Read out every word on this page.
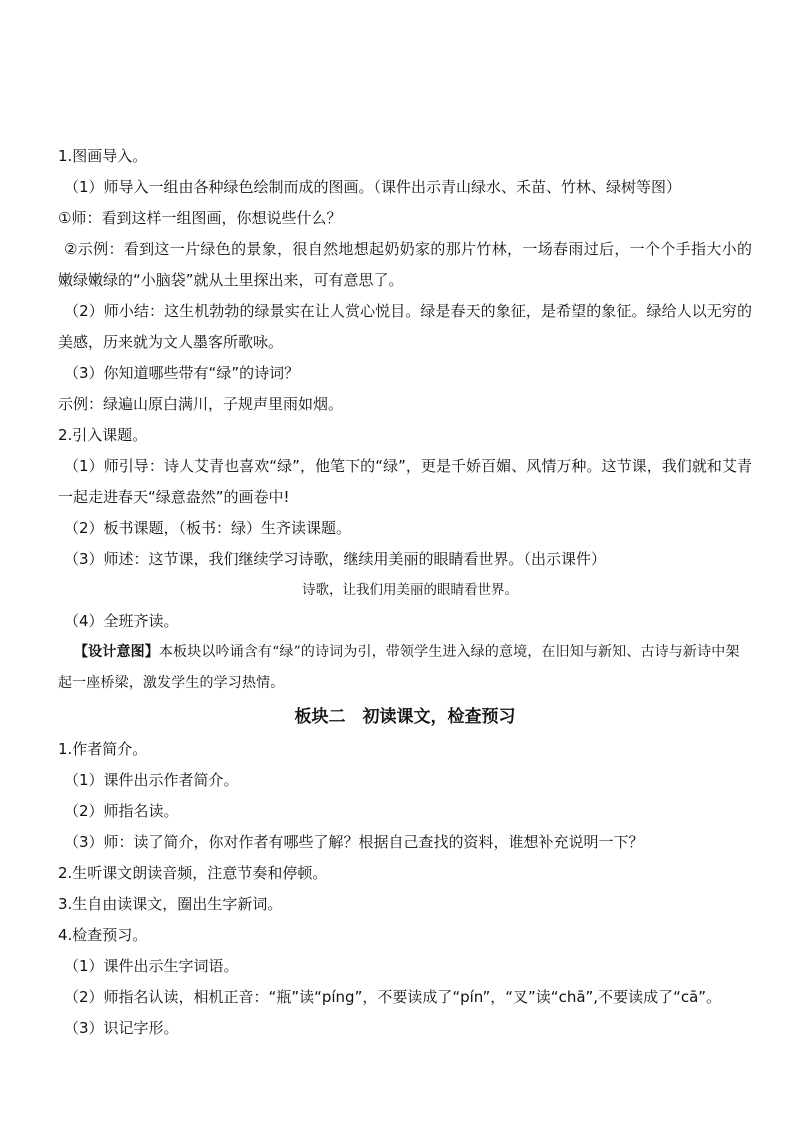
1.图画导入。

（1）师导入一组由各种绿色绘制而成的图画。（课件出示青山绿水、禾苗、竹林、绿树等图）

①师：看到这样一组图画，你想说些什么？

②示例：看到这一片绿色的景象，很自然地想起奶奶家的那片竹林，一场春雨过后，一个个手指大小的嫩绿嫩绿的“小脑袋”就从土里探出来，可有意思了。

（2）师小结：这生机勃勃的绿景实在让人赏心悦目。绿是春天的象征，是希望的象征。绿给人以无穷的美感，历来就为文人墨客所歌咏。

（3）你知道哪些带有“绿”的诗词？

示例：绿遍山原白满川，子规声里雨如烟。

2.引入课题。

（1）师引导：诗人艾青也喜欢“绿”，他笔下的“绿”，更是千娇百媚、风情万种。这节课，我们就和艾青一起走进春天“绿意盎然”的画卷中!

（2）板书课题，（板书：绿）生齐读课题。

（3）师述：这节课，我们继续学习诗歌，继续用美丽的眼睛看世界。（出示课件）

诗歌，让我们用美丽的眼睛看世界。

（4）全班齐读。

【设计意图】本板块以吟诵含有“绿”的诗词为引，带领学生进入绿的意境，在旧知与新知、古诗与新诗中架起一座桥梁，激发学生的学习热情。

板块二　初读课文，检查预习

1.作者简介。

（1）课件出示作者简介。

（2）师指名读。

（3）师：读了简介，你对作者有哪些了解？根据自己查找的资料，谁想补充说明一下？

2.生听课文朗读音频，注意节奏和停顿。

3.生自由读课文，圈出生字新词。

4.检查预习。

（1）课件出示生字词语。

（2）师指名认读，相机正音：“瓶”读“píng”，不要读成了“pín”，“叉”读“chā”,不要读成了“cā”。

（3）识记字形。
